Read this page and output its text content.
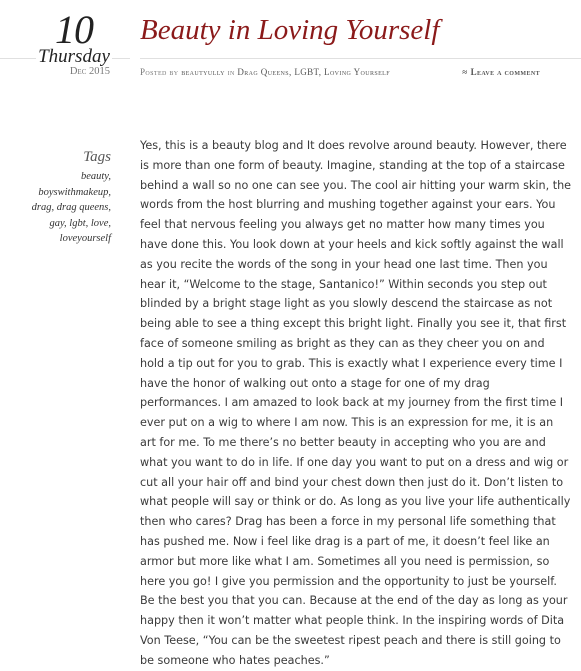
10
Thursday
Dec 2015
Beauty in Loving Yourself
Posted by beautyully in Drag Queens, LGBT, Loving Yourself	≈ Leave a comment
Tags
beauty,
boyswithmakeup,
drag, drag queens,
gay, lgbt, love,
loveyourself

Yes, this is a beauty blog and It does revolve around beauty. However, there is more than one form of beauty. Imagine, standing at the top of a staircase behind a wall so no one can see you. The cool air hitting your warm skin, the words from the host blurring and mushing together against your ears. You feel that nervous feeling you always get no matter how many times you have done this. You look down at your heels and kick softly against the wall as you recite the words of the song in your head one last time. Then you hear it, “Welcome to the stage, Santanico!” Within seconds you step out blinded by a bright stage light as you slowly descend the staircase as not being able to see a thing except this bright light. Finally you see it, that first face of someone smiling as bright as they can as they cheer you on and hold a tip out for you to grab. This is exactly what I experience every time I have the honor of walking out onto a stage for one of my drag performances. I am amazed to look back at my journey from the first time I ever put on a wig to where I am now. This is an expression for me, it is an art for me. To me there’s no better beauty in accepting who you are and what you want to do in life. If one day you want to put on a dress and wig or cut all your hair off and bind your chest down then just do it. Don’t listen to what people will say or think or do. As long as you live your life authentically then who cares? Drag has been a force in my personal life something that has pushed me. Now i feel like drag is a part of me, it doesn’t feel like an armor but more like what I am. Sometimes all you need is permission, so here you go! I give you permission and the opportunity to just be yourself. Be the best you that you can. Because at the end of the day as long as your happy then it won’t matter what people think. In the inspiring words of Dita Von Teese, “You can be the sweetest ripest peach and there is still going to be someone who hates peaches.”
